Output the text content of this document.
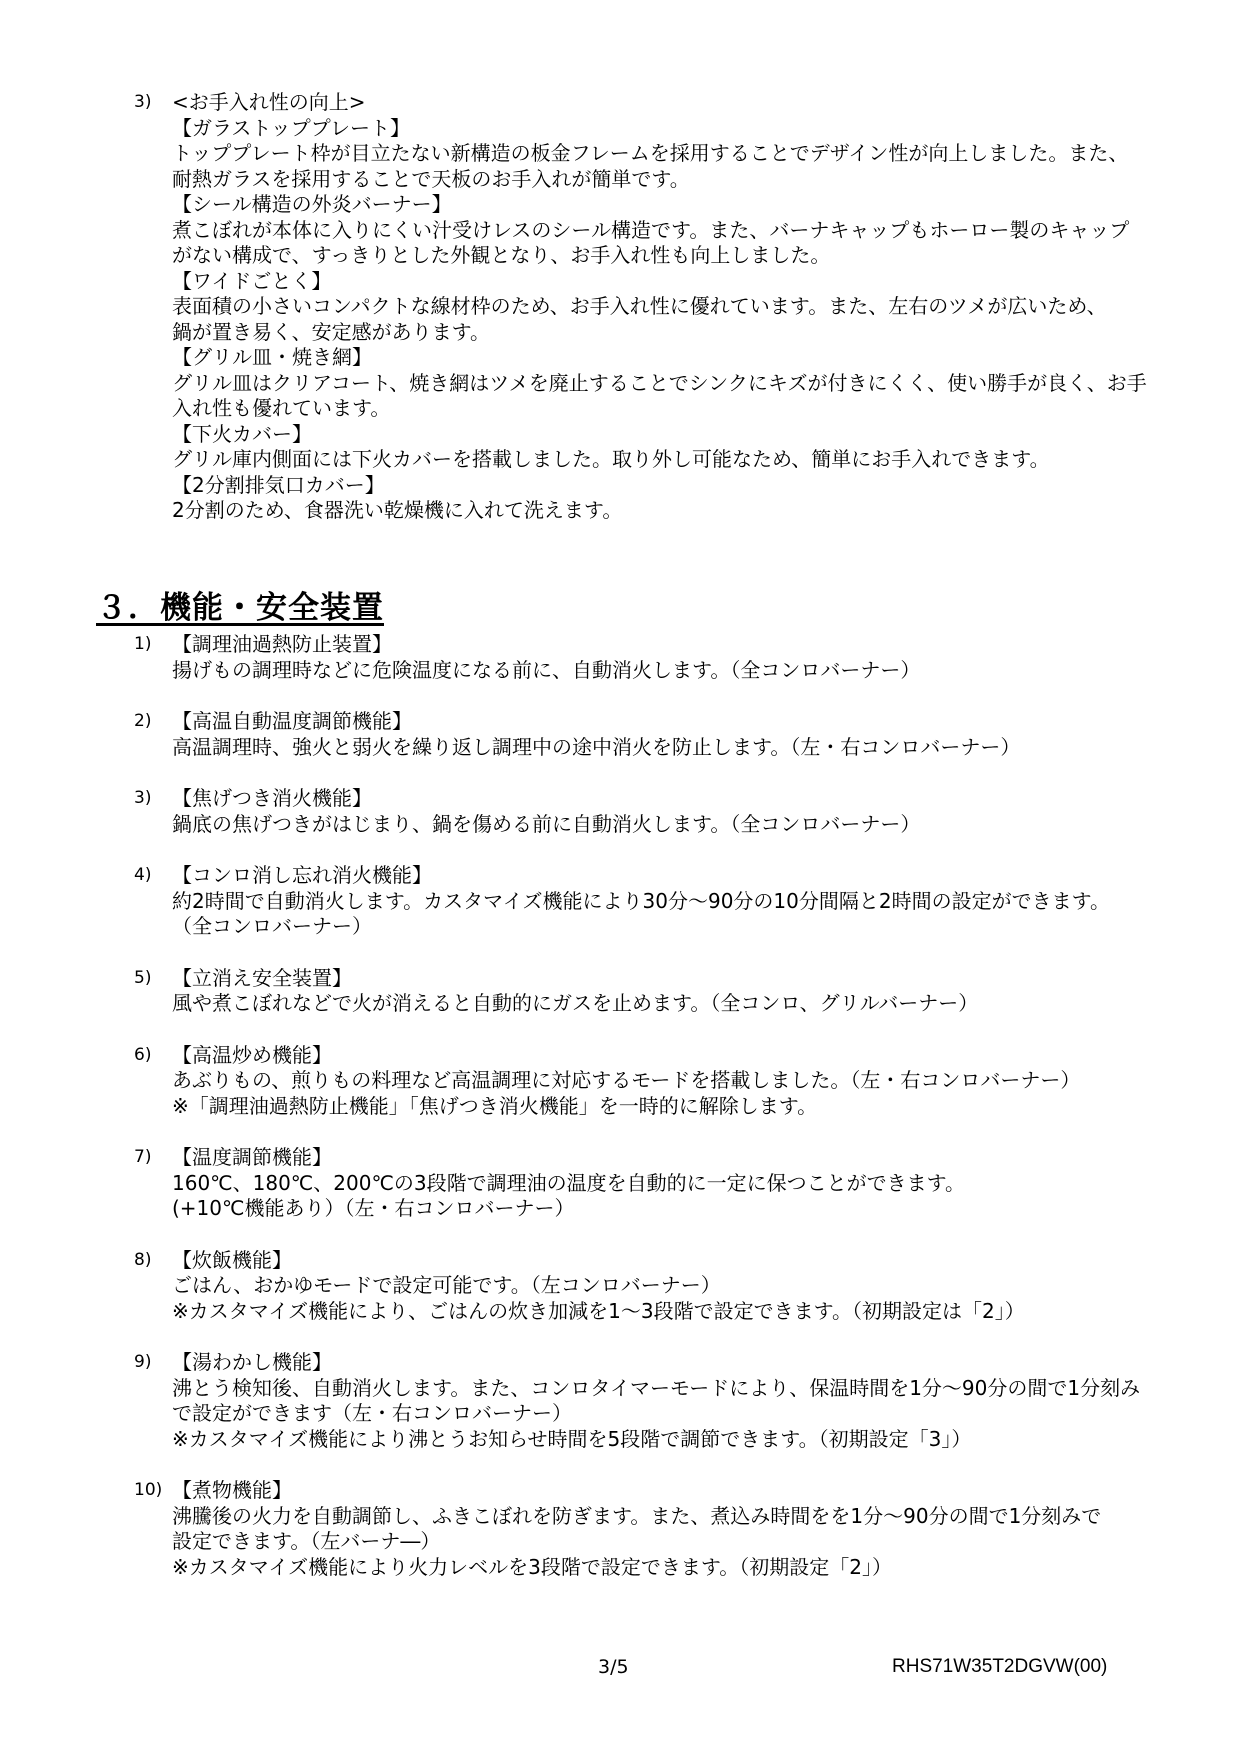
3) <お手入れ性の向上>
【ガラストッププレート】
トッププレート枠が目立たない新構造の板金フレームを採用することでデザイン性が向上しました。また、
耐熱ガラスを採用することで天板のお手入れが簡単です。
【シール構造の外炎バーナー】
煮こぼれが本体に入りにくい汁受けレスのシール構造です。また、バーナキャップもホーロー製のキャップ
がない構成で、すっきりとした外観となり、お手入れ性も向上しました。
【ワイドごとく】
表面積の小さいコンパクトな線材枠のため、お手入れ性に優れています。また、左右のツメが広いため、
鍋が置き易く、安定感があります。
【グリル皿・焼き網】
グリル皿はクリアコート、焼き網はツメを廃止することでシンクにキズが付きにくく、使い勝手が良く、お手
入れ性も優れています。
【下火カバー】
グリル庫内側面には下火カバーを搭載しました。取り外し可能なため、簡単にお手入れできます。
【2分割排気口カバー】
2分割のため、食器洗い乾燥機に入れて洗えます。
３．機能・安全装置
1) 【調理油過熱防止装置】
揚げもの調理時などに危険温度になる前に、自動消火します。（全コンロバーナー）
2) 【高温自動温度調節機能】
高温調理時、強火と弱火を繰り返し調理中の途中消火を防止します。（左・右コンロバーナー）
3) 【焦げつき消火機能】
鍋底の焦げつきがはじまり、鍋を傷める前に自動消火します。（全コンロバーナー）
4) 【コンロ消し忘れ消火機能】
約2時間で自動消火します。カスタマイズ機能により30分～90分の10分間隔と2時間の設定ができます。
（全コンロバーナー）
5) 【立消え安全装置】
風や煮こぼれなどで火が消えると自動的にガスを止めます。（全コンロ、グリルバーナー）
6) 【高温炒め機能】
あぶりもの、煎りもの料理など高温調理に対応するモードを搭載しました。（左・右コンロバーナー）
※「調理油過熱防止機能」「焦げつき消火機能」を一時的に解除します。
7) 【温度調節機能】
160℃、180℃、200℃の3段階で調理油の温度を自動的に一定に保つことができます。
(+10℃機能あり）（左・右コンロバーナー）
8) 【炊飯機能】
ごはん、おかゆモードで設定可能です。（左コンロバーナー）
※カスタマイズ機能により、ごはんの炊き加減を1～3段階で設定できます。（初期設定は「2」）
9) 【湯わかし機能】
沸とう検知後、自動消火します。また、コンロタイマーモードにより、保温時間を1分～90分の間で1分刻み
で設定ができます（左・右コンロバーナー）
※カスタマイズ機能により沸とうお知らせ時間を5段階で調節できます。（初期設定「3」）
10) 【煮物機能】
沸騰後の火力を自動調節し、ふきこぼれを防ぎます。また、煮込み時間をを1分～90分の間で1分刻みで
設定できます。（左バーナ―）
※カスタマイズ機能により火力レベルを3段階で設定できます。（初期設定「2」）
3/5	RHS71W35T2DGVW(00)
